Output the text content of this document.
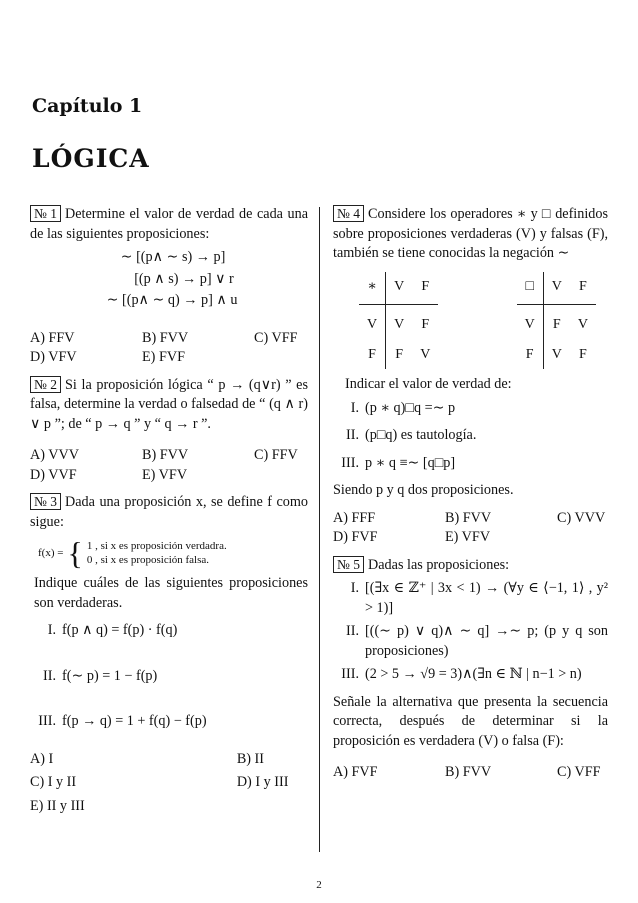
Capítulo 1
LÓGICA

№ 1 Determine el valor de verdad de cada una de las siguientes proposiciones:

∼ [(p∧ ∼ s) → p]

[(p ∧ s) → p] ∨ r

∼ [(p∧ ∼ q) → p] ∧ u

A) FFV	B) FVV	C) VFF
D) VFV	E) FVF

№ 2 Si la proposición lógica “ p → (q∨r) ” es falsa, determine la verdad o falsedad de “ (q ∧ r) ∨ p ”; de “ p → q ” y “ q → r ”.

A) VVV	B) FVV	C) FFV
D) VVF	E) VFV

№ 3 Dada una proposición x, se define f como sigue:

f(x) = { 1 , si x es proposición verdadra.
0 , si x es proposición falsa.

Indique cuáles de las siguientes proposiciones son verdaderas.

I. f(p ∧ q) = f(p) · f(q)
II. f(∼ p) = 1 − f(p)
III. f(p → q) = 1 + f(q) − f(p)
A) I	B) II
C) I y II	D) I y III
E) II y III

№ 4 Considere los operadores ∗ y □ definidos sobre proposiciones verdaderas (V) y falsas (F), también se tiene conocidas la negación ∼

∗	V	F
V	V	F
F	F	V
□	V	F
V	F	V
F	V	F

Indicar el valor de verdad de:

I. (p ∗ q)□q =∼ p
II. (p□q) es tautología.
III. p ∗ q ≡∼ [q□p]

Siendo p y q dos proposiciones.

A) FFF	B) FVV	C) VVV
D) FVF	E) VFV

№ 5 Dadas las proposiciones:

I. [(∃x ∈ ℤ⁺ | 3x < 1) → (∀y ∈ ⟨−1, 1⟩ , y² > 1)]
II. [((∼ p) ∨ q)∧ ∼ q] →∼ p; (p y q son proposiciones)
III. (2 > 5 → √9 = 3)∧(∃n ∈ ℕ | n−1 > n)

Señale la alternativa que presenta la secuencia correcta, después de determinar si la proposición es verdadera (V) o falsa (F):

A) FVF	B) FVV	C) VFF
2
